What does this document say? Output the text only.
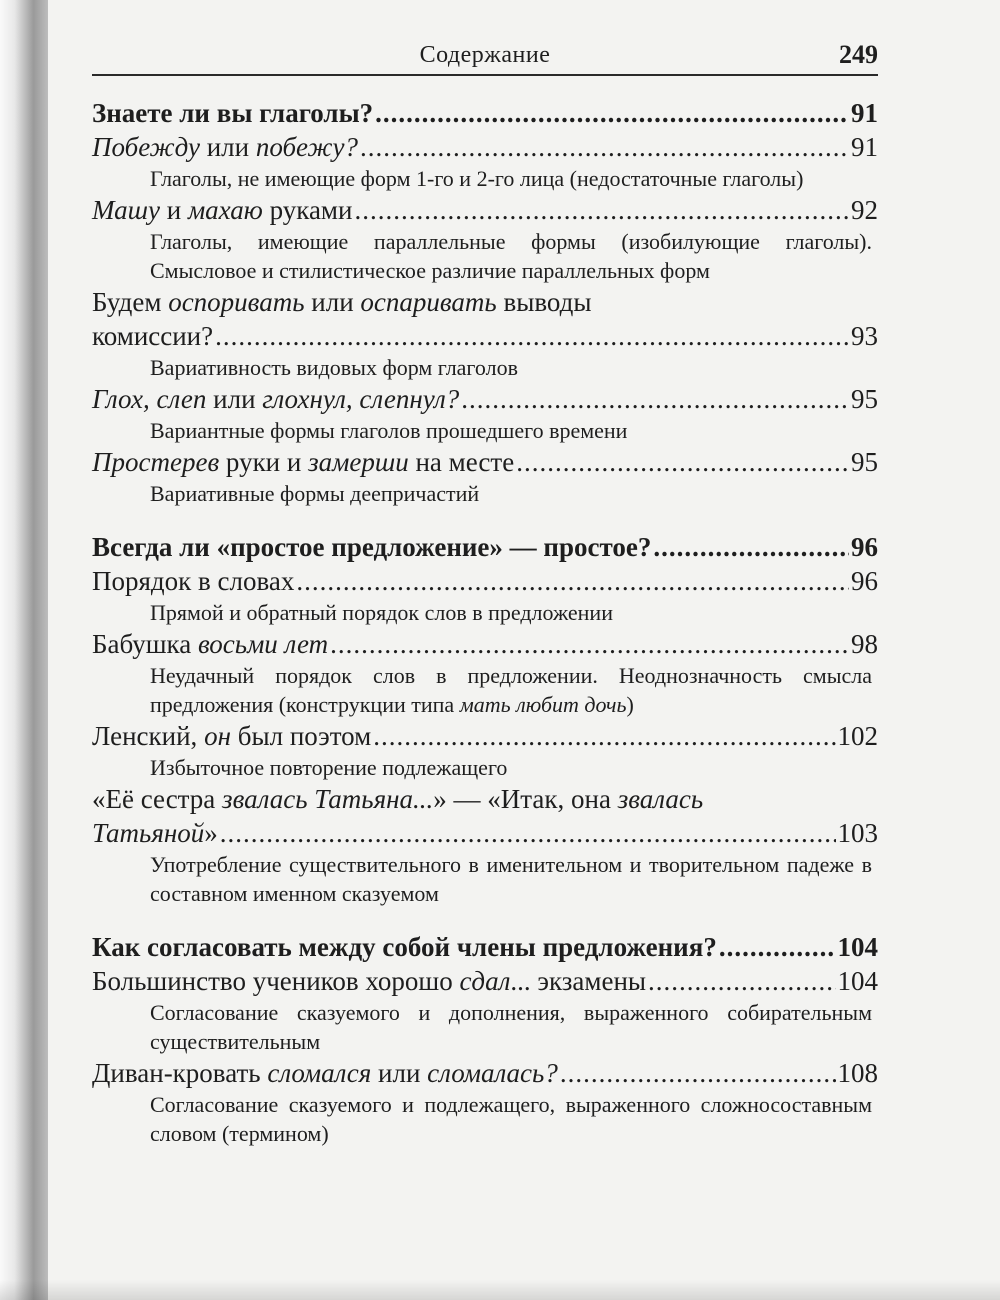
Содержание	249
Знаете ли вы глаголы? .....	91
Побежду или побежу? .....	91
Глаголы, не имеющие форм 1-го и 2-го лица (недостаточные глаголы)
Машу и махаю руками .....	92
Глаголы, имеющие параллельные формы (изобилующие глаголы). Смысловое и стилистическое различие параллельных форм
Будем оспоривать или оспаривать выводы
комиссии? .....	93
Вариативность видовых форм глаголов
Глох, слеп или глохнул, слепнул? .....	95
Вариантные формы глаголов прошедшего времени
Простерев руки и замерши на месте .....	95
Вариативные формы деепричастий
Всегда ли «простое предложение» — простое? .....	96
Порядок в словах .....	96
Прямой и обратный порядок слов в предложении
Бабушка восьми лет .....	98
Неудачный порядок слов в предложении. Неоднозначность смысла предложения (конструкции типа мать любит дочь)
Ленский, он был поэтом .....	102
Избыточное повторение подлежащего
«Её сестра звалась Татьяна...» — «Итак, она звалась
Татьяной» .....	103
Употребление существительного в именительном и творительном падеже в составном именном сказуемом
Как согласовать между собой члены предложения? .....	104
Большинство учеников хорошо сдал... экзамены .....	104
Согласование сказуемого и дополнения, выраженного собирательным существительным
Диван-кровать сломался или сломалась? .....	108
Согласование сказуемого и подлежащего, выраженного сложносоставным словом (термином)
